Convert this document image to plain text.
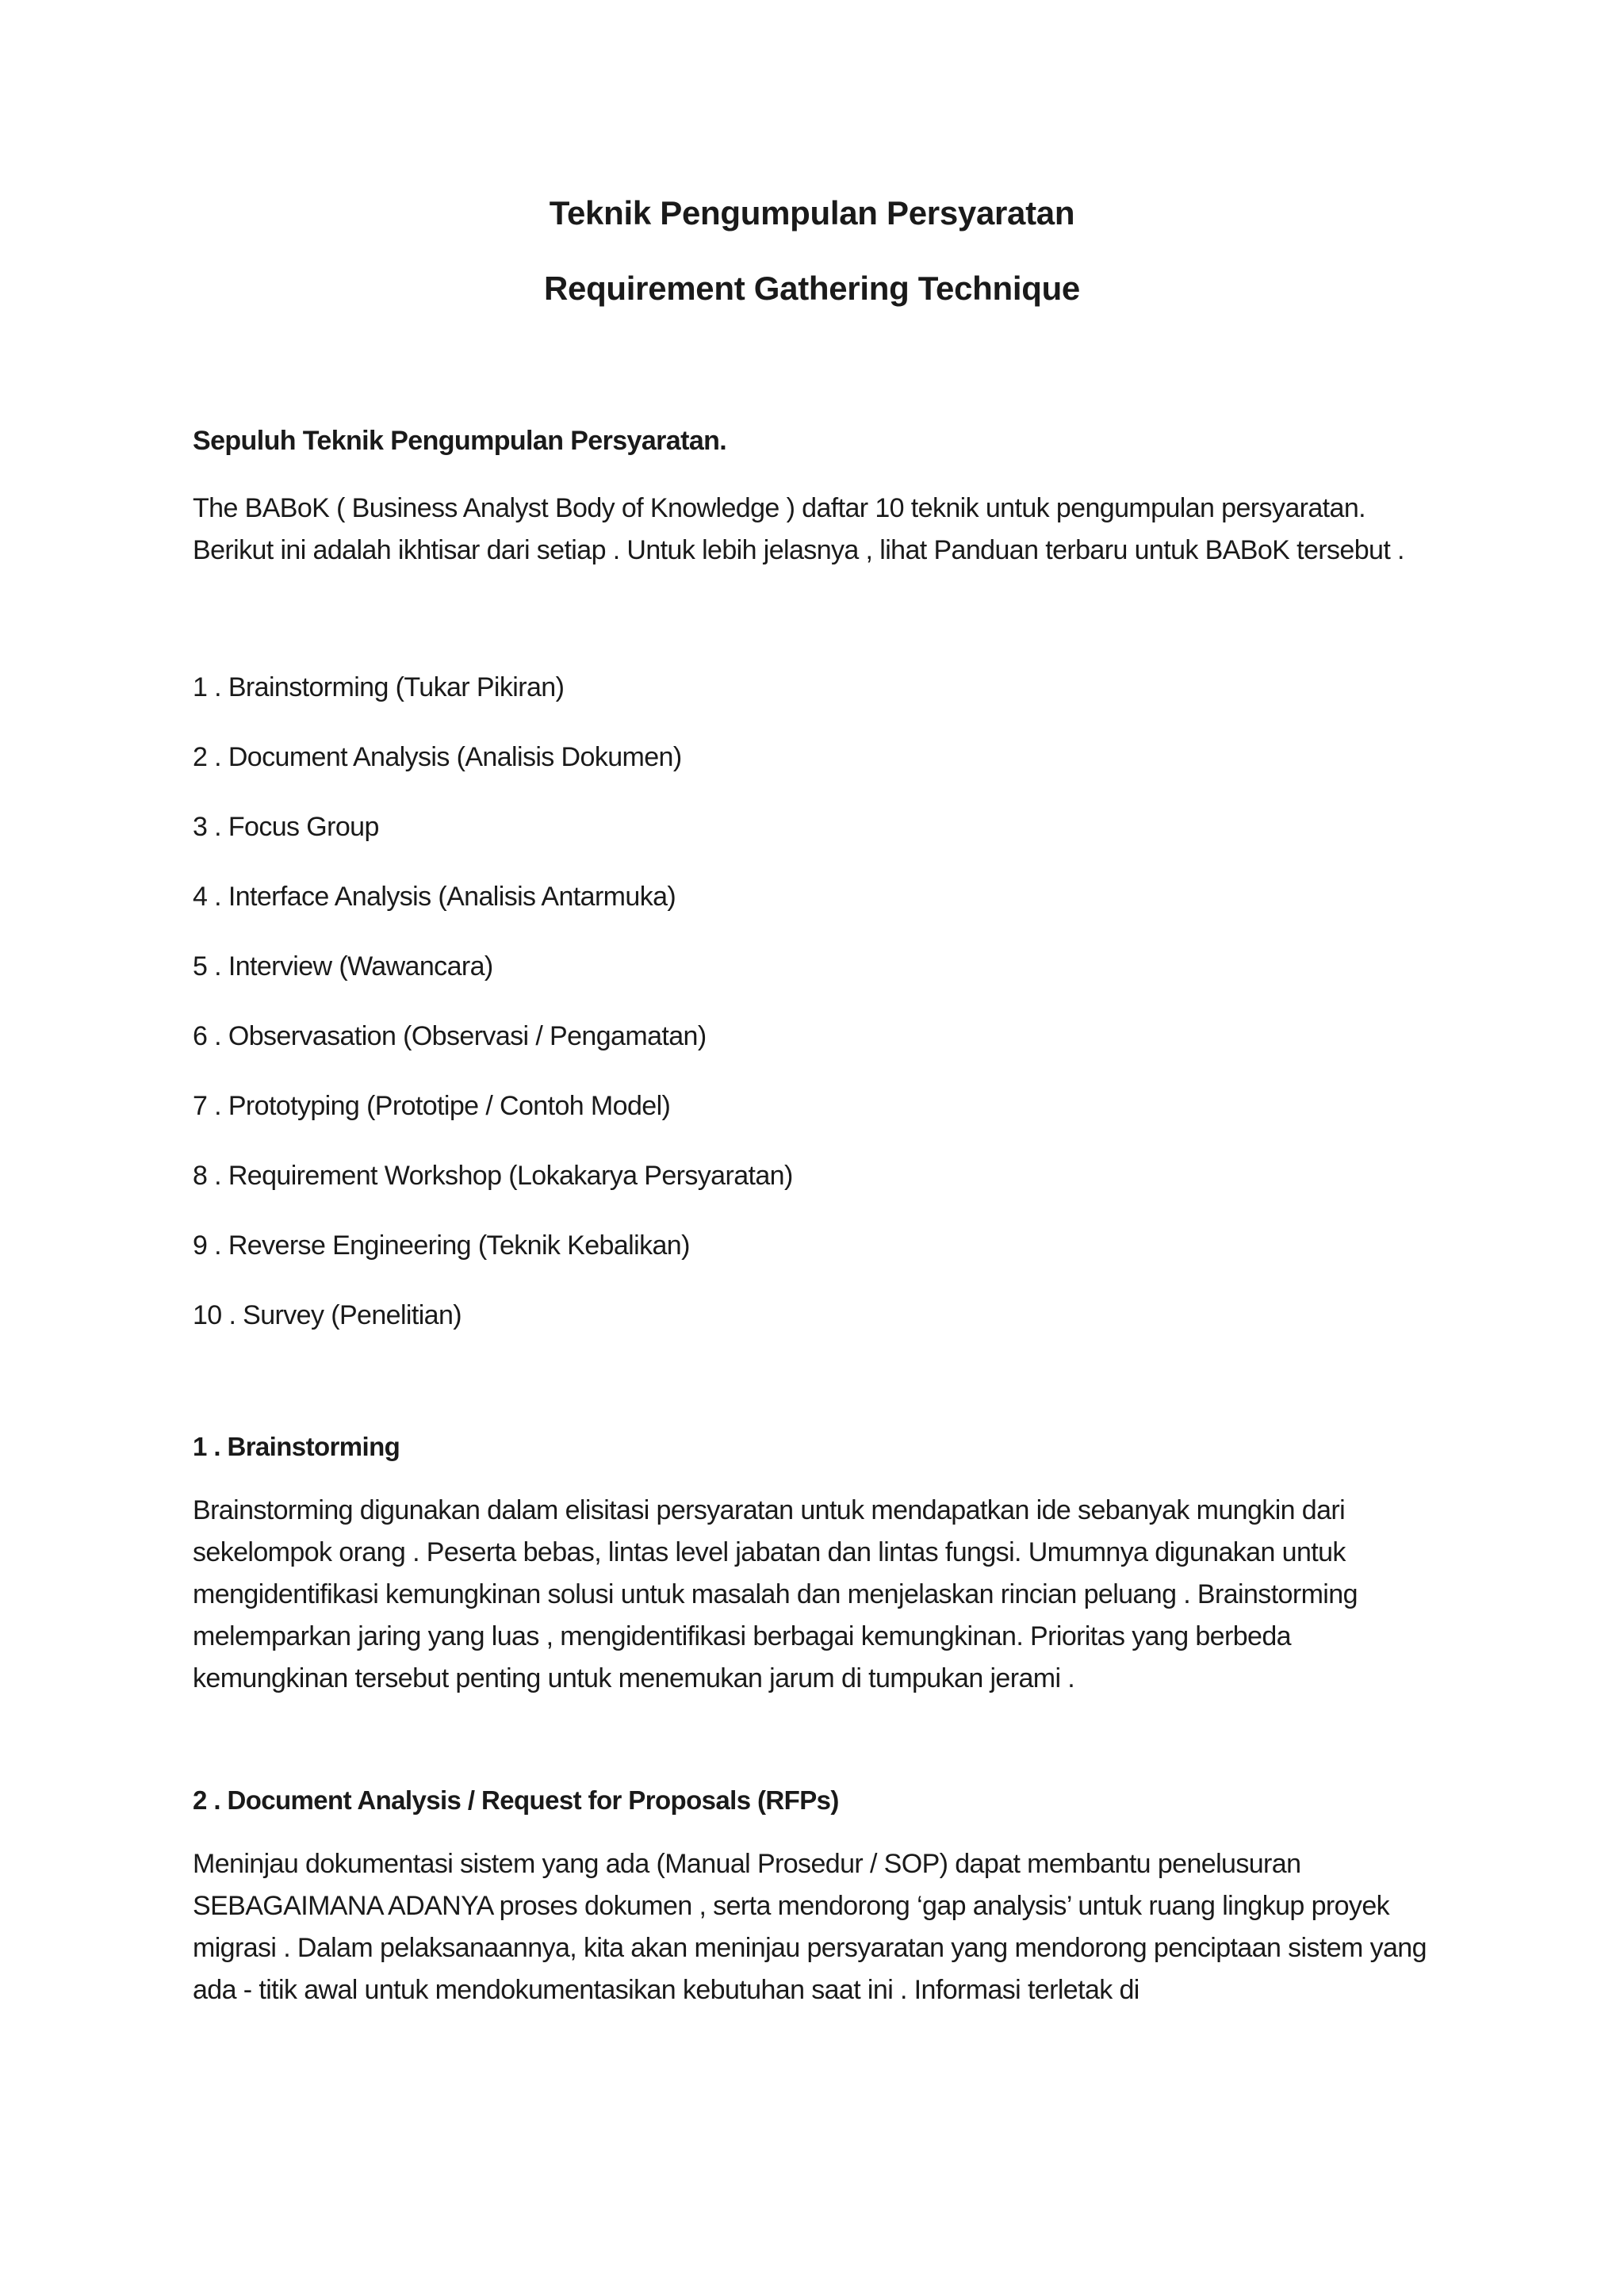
Teknik Pengumpulan Persyaratan
Requirement Gathering Technique

Sepuluh Teknik Pengumpulan Persyaratan.

The BABoK ( Business Analyst Body of Knowledge ) daftar 10 teknik untuk pengumpulan persyaratan. Berikut ini adalah ikhtisar dari setiap . Untuk lebih jelasnya , lihat Panduan terbaru untuk BABoK tersebut .

1 . Brainstorming (Tukar Pikiran)
2 . Document Analysis (Analisis Dokumen)
3 . Focus Group
4 . Interface Analysis (Analisis Antarmuka)
5 . Interview (Wawancara)
6 . Observasation (Observasi / Pengamatan)
7 . Prototyping (Prototipe / Contoh Model)
8 . Requirement Workshop (Lokakarya Persyaratan)
9 . Reverse Engineering (Teknik Kebalikan)
10 . Survey (Penelitian)

1 . Brainstorming

Brainstorming digunakan dalam elisitasi persyaratan untuk mendapatkan ide sebanyak mungkin dari sekelompok orang . Peserta bebas, lintas level jabatan dan lintas fungsi. Umumnya digunakan untuk mengidentifikasi kemungkinan solusi untuk masalah dan menjelaskan rincian peluang . Brainstorming melemparkan jaring yang luas , mengidentifikasi berbagai kemungkinan. Prioritas yang berbeda kemungkinan tersebut penting untuk menemukan jarum di tumpukan jerami .

2 . Document Analysis / Request for Proposals (RFPs)

Meninjau dokumentasi sistem yang ada (Manual Prosedur / SOP) dapat membantu penelusuran SEBAGAIMANA ADANYA proses dokumen , serta mendorong ‘gap analysis’ untuk ruang lingkup proyek migrasi . Dalam pelaksanaannya, kita akan meninjau persyaratan yang mendorong penciptaan sistem yang ada - titik awal untuk mendokumentasikan kebutuhan saat ini . Informasi terletak di
